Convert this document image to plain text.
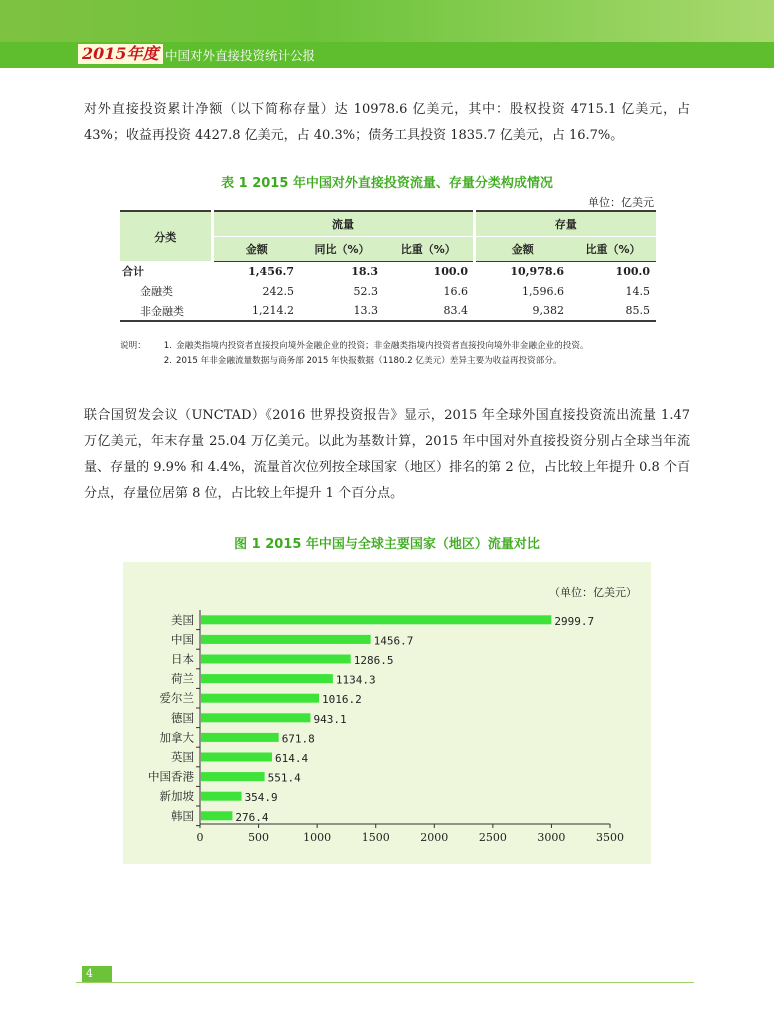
2015年度 中国对外直接投资统计公报

对外直接投资累计净额（以下简称存量）达 10978.6 亿美元，其中：股权投资 4715.1 亿美元，占 43%；收益再投资 4427.8 亿美元，占 40.3%；债务工具投资 1835.7 亿美元，占 16.7%。

表 1 2015 年中国对外直接投资流量、存量分类构成情况
单位：亿美元
分类	流量			存量	
	金额	同比（%）	比重（%）	金额	比重（%）
合计	1,456.7	18.3	100.0	10,978.6	100.0
金融类	242.5	52.3	16.6	1,596.6	14.5
非金融类	1,214.2	13.3	83.4	9,382	85.5
说明：	1. 金融类指境内投资者直接投向境外金融企业的投资；非金融类指境内投资者直接投向境外非金融企业的投资。
2. 2015 年非金融流量数据与商务部 2015 年快报数据（1180.2 亿美元）差异主要为收益再投资部分。

联合国贸发会议（UNCTAD）《2016 世界投资报告》显示，2015 年全球外国直接投资流出流量 1.47 万亿美元，年末存量 25.04 万亿美元。以此为基数计算，2015 年中国对外直接投资分别占全球当年流量、存量的 9.9% 和 4.4%，流量首次位列按全球国家（地区）排名的第 2 位，占比较上年提升 0.8 个百分点，存量位居第 8 位，占比较上年提升 1 个百分点。

图 1 2015 年中国与全球主要国家（地区）流量对比
（单位：亿美元）
0	500	1000	1500	2000	2500	3000	3500
美国	2999.7
中国	1456.7
日本	1286.5
荷兰	1134.3
爱尔兰	1016.2
德国	943.1
加拿大	671.8
英国	614.4
中国香港	551.4
新加坡	354.9
韩国	276.4
4
